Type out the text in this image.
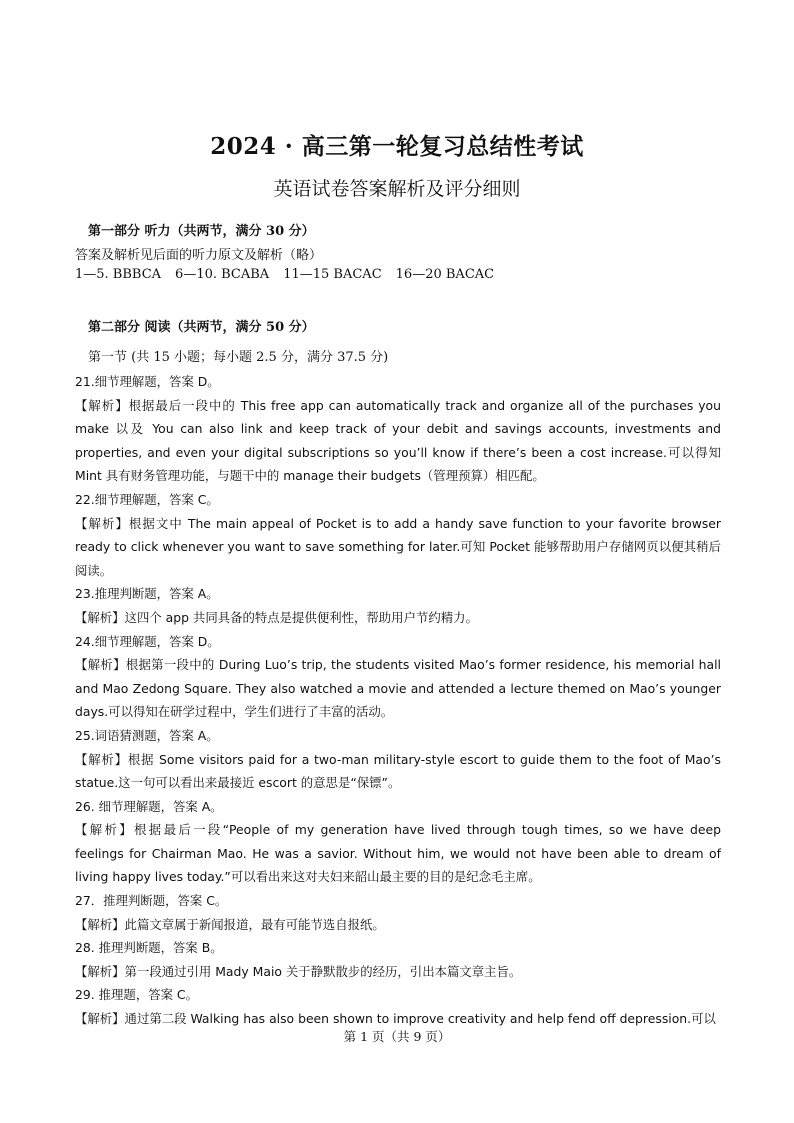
2024 · 高三第一轮复习总结性考试
英语试卷答案解析及评分细则
第一部分 听力（共两节，满分 30 分）
答案及解析见后面的听力原文及解析（略）
1—5. BBBCA 6—10. BCABA 11—15 BACAC 16—20 BACAC
第二部分 阅读（共两节，满分 50 分）
第一节 (共 15 小题；每小题 2.5 分，满分 37.5 分)
21.细节理解题，答案 D。
【解析】根据最后一段中的 This free app can automatically track and organize all of the purchases you make 以及 You can also link and keep track of your debit and savings accounts, investments and properties, and even your digital subscriptions so you’ll know if there’s been a cost increase.可以得知 Mint 具有财务管理功能，与题干中的 manage their budgets（管理预算）相匹配。
22.细节理解题，答案 C。
【解析】根据文中 The main appeal of Pocket is to add a handy save function to your favorite browser ready to click whenever you want to save something for later.可知 Pocket 能够帮助用户存储网页以便其稍后阅读。
23.推理判断题，答案 A。
【解析】这四个 app 共同具备的特点是提供便利性，帮助用户节约精力。
24.细节理解题，答案 D。
【解析】根据第一段中的 During Luo’s trip, the students visited Mao’s former residence, his memorial hall and Mao Zedong Square. They also watched a movie and attended a lecture themed on Mao’s younger days.可以得知在研学过程中，学生们进行了丰富的活动。
25.词语猜测题，答案 A。
【解析】根据 Some visitors paid for a two-man military-style escort to guide them to the foot of Mao’s statue.这一句可以看出来最接近 escort 的意思是“保镖”。
26. 细节理解题，答案 A。
【解析】根据最后一段“People of my generation have lived through tough times, so we have deep feelings for Chairman Mao. He was a savior. Without him, we would not have been able to dream of living happy lives today.”可以看出来这对夫妇来韶山最主要的目的是纪念毛主席。
27．推理判断题，答案 C。
【解析】此篇文章属于新闻报道，最有可能节选自报纸。
28. 推理判断题，答案 B。
【解析】第一段通过引用 Mady Maio 关于静默散步的经历，引出本篇文章主旨。
29. 推理题，答案 C。
【解析】通过第二段 Walking has also been shown to improve creativity and help fend off depression.可以
第 1 页（共 9 页）
